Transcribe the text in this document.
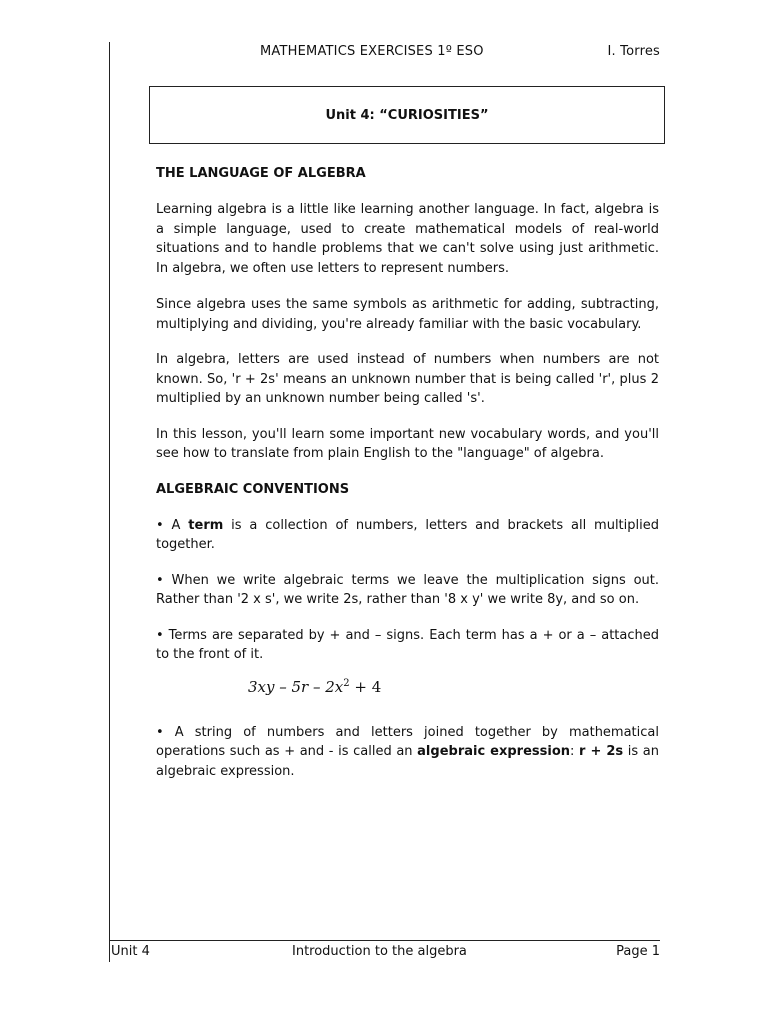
MATHEMATICS EXERCISES 1º ESO	I. Torres
Unit 4: “CURIOSITIES”
THE LANGUAGE OF ALGEBRA

Learning algebra is a little like learning another language. In fact, algebra is a simple language, used to create mathematical models of real-world situations and to handle problems that we can't solve using just arithmetic. In algebra, we often use letters to represent numbers.

Since algebra uses the same symbols as arithmetic for adding, subtracting, multiplying and dividing, you're already familiar with the basic vocabulary.

In algebra, letters are used instead of numbers when numbers are not known. So, 'r + 2s' means an unknown number that is being called 'r', plus 2 multiplied by an unknown number being called 's'.

In this lesson, you'll learn some important new vocabulary words, and you'll see how to translate from plain English to the "language" of algebra.

ALGEBRAIC CONVENTIONS

• A term is a collection of numbers, letters and brackets all multiplied together.

• When we write algebraic terms we leave the multiplication signs out. Rather than '2 x s', we write 2s, rather than '8 x y' we write 8y, and so on.

• Terms are separated by + and – signs. Each term has a + or a – attached to the front of it.

$3xy - 5r - 2x^2 + 4$

• A string of numbers and letters joined together by mathematical operations such as + and - is called an algebraic expression: r + 2s is an algebraic expression.

Unit 4	Introduction to the algebra	Page 1
